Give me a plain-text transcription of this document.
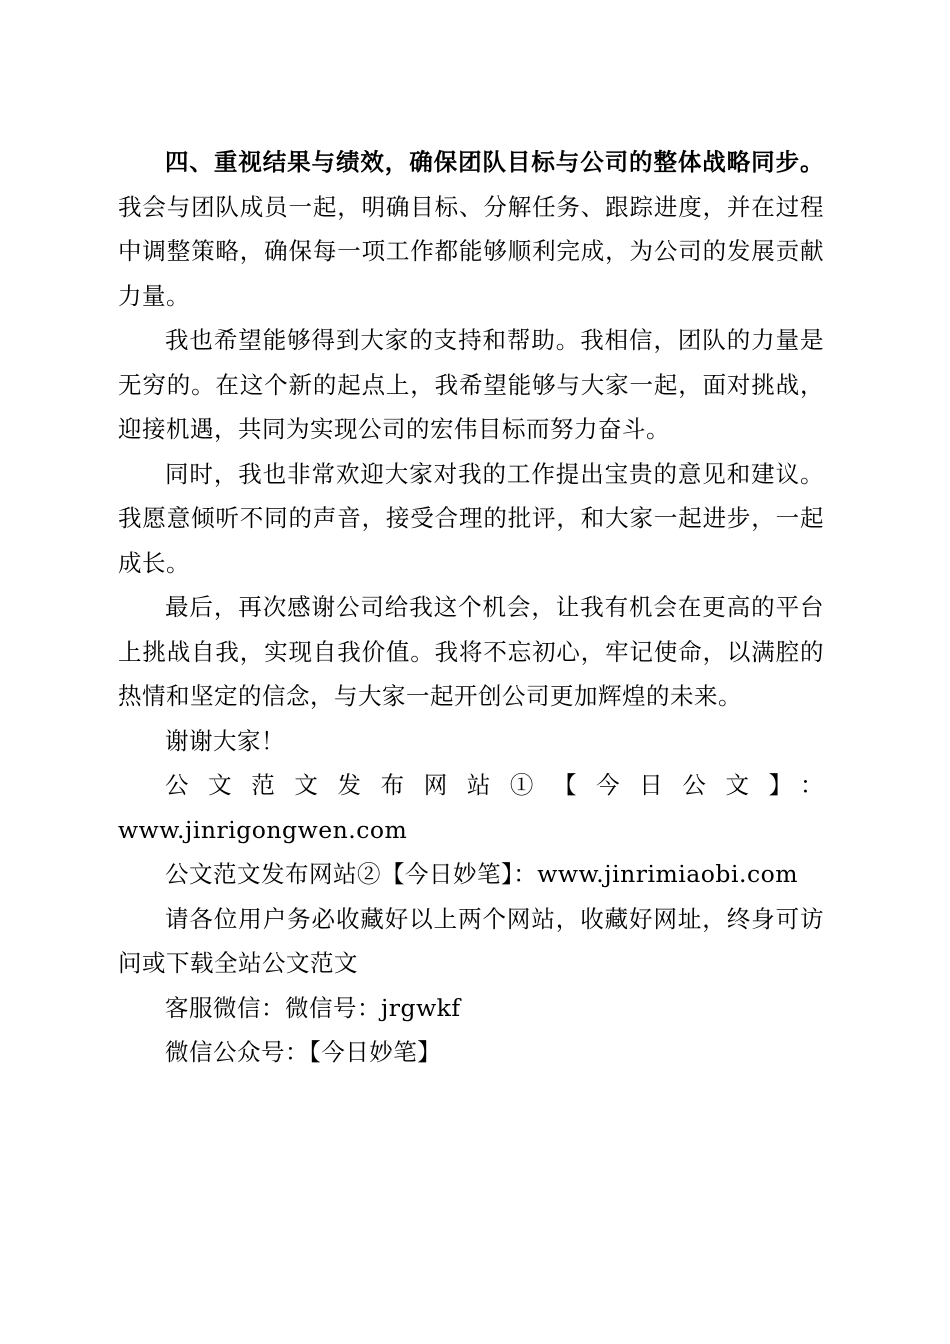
四、重视结果与绩效，确保团队目标与公司的整体战略同步。我会与团队成员一起，明确目标、分解任务、跟踪进度，并在过程中调整策略，确保每一项工作都能够顺利完成，为公司的发展贡献力量。

我也希望能够得到大家的支持和帮助。我相信，团队的力量是无穷的。在这个新的起点上，我希望能够与大家一起，面对挑战，迎接机遇，共同为实现公司的宏伟目标而努力奋斗。

同时，我也非常欢迎大家对我的工作提出宝贵的意见和建议。我愿意倾听不同的声音，接受合理的批评，和大家一起进步，一起成长。

最后，再次感谢公司给我这个机会，让我有机会在更高的平台上挑战自我，实现自我价值。我将不忘初心，牢记使命，以满腔的热情和坚定的信念，与大家一起开创公司更加辉煌的未来。

谢谢大家！

公文范文发布网站①【今日公文】：

www.jinrigongwen.com

公文范文发布网站②【今日妙笔】：www.jinrimiaobi.com

请各位用户务必收藏好以上两个网站，收藏好网址，终身可访问或下载全站公文范文

客服微信：微信号：jrgwkf

微信公众号：【今日妙笔】
